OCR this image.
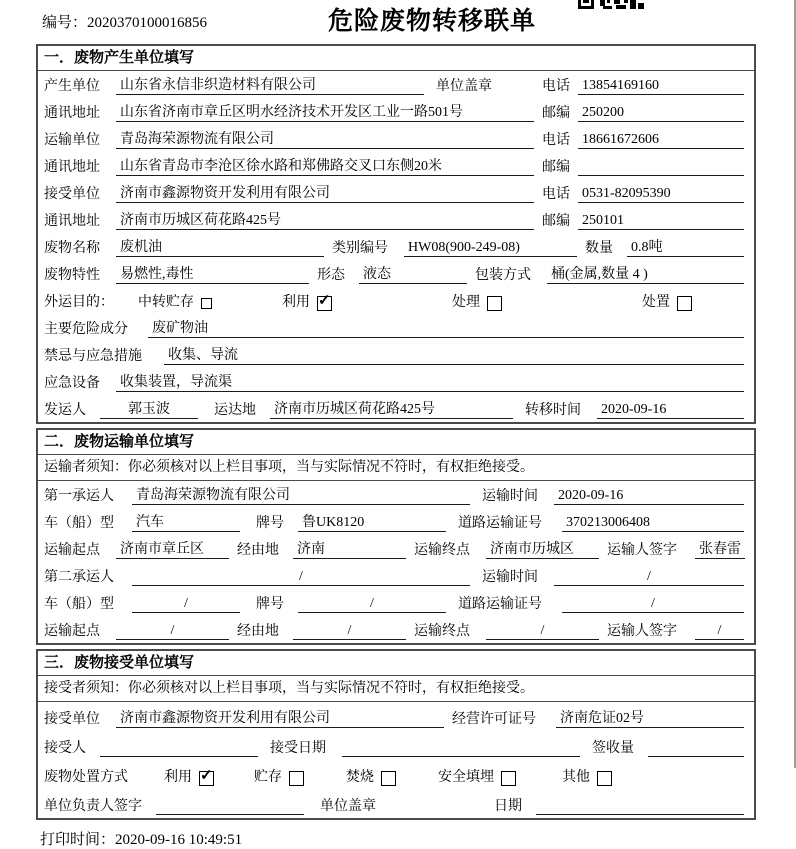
编号：2020370100016856	危险废物转移联单
一．废物产生单位填写
产生单位	山东省永信非织造材料有限公司	单位盖章	电话 13854169160
通讯地址	山东省济南市章丘区明水经济技术开发区工业一路501号	邮编 250200
运输单位	青岛海荣源物流有限公司	电话 18661672606
通讯地址	山东省青岛市李沧区徐水路和郑佛路交叉口东侧20米	邮编
接受单位	济南市鑫源物资开发利用有限公司	电话 0531-82095390
通讯地址	济南市历城区荷花路425号	邮编 250101
废物名称	废机油	类别编号	HW08(900-249-08)	数量	0.8吨
废物特性	易燃性,毒性	形态	液态	包装方式	桶(金属,数量 4 )
外运目的：	中转贮存	利用 ✓	处理	处置
主要危险成分	废矿物油
禁忌与应急措施	收集、导流
应急设备	收集装置，导流渠
发运人	郭玉波	运达地	济南市历城区荷花路425号	转移时间	2020-09-16
二．废物运输单位填写
运输者须知：你必须核对以上栏目事项，当与实际情况不符时，有权拒绝接受。
第一承运人	青岛海荣源物流有限公司	运输时间	2020-09-16
车（船）型	汽车	牌号	鲁UK8120	道路运输证号	370213006408
运输起点	济南市章丘区	经由地	济南	运输终点	济南市历城区	运输人签字	张春雷
第二承运人	/	运输时间	/
车（船）型	/	牌号	/	道路运输证号	/
运输起点	/	经由地	/	运输终点	/	运输人签字	/
三．废物接受单位填写
接受者须知：你必须核对以上栏目事项，当与实际情况不符时，有权拒绝接受。
接受单位	济南市鑫源物资开发利用有限公司	经营许可证号	济南危证02号
接受人	接受日期	签收量
废物处置方式	利用 ✓	贮存	焚烧	安全填埋	其他
单位负责人签字	单位盖章	日期
打印时间：2020-09-16 10:49:51
